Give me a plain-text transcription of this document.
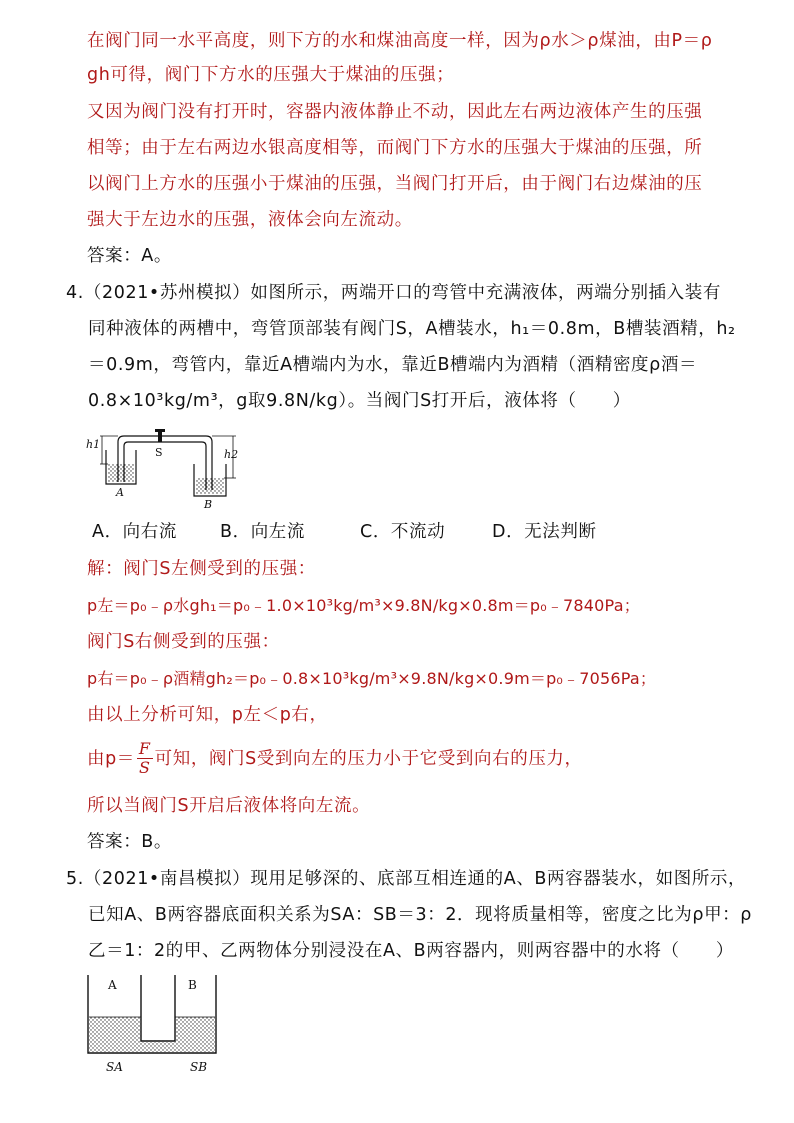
在阀门同一水平高度，则下方的水和煤油高度一样，因为ρ水＞ρ煤油，由P＝ρ
gh可得，阀门下方水的压强大于煤油的压强；
又因为阀门没有打开时，容器内液体静止不动，因此左右两边液体产生的压强
相等；由于左右两边水银高度相等，而阀门下方水的压强大于煤油的压强，所
以阀门上方水的压强小于煤油的压强，当阀门打开后，由于阀门右边煤油的压
强大于左边水的压强，液体会向左流动。
答案：A。
4.（2021•苏州模拟）如图所示，两端开口的弯管中充满液体，两端分别插入装有
同种液体的两槽中，弯管顶部装有阀门S，A槽装水，h₁＝0.8m，B槽装酒精，h₂
＝0.9m，弯管内，靠近A槽端内为水，靠近B槽端内为酒精（酒精密度ρ酒＝
0.8×10³kg/m³，g取9.8N/kg）。当阀门S打开后，液体将（　　）
h1
h2
S
A
B
A．向右流 B．向左流	C．不流动	D．无法判断
解：阀门S左侧受到的压强：
p左＝p₀﹣ρ水gh₁＝p₀﹣1.0×10³kg/m³×9.8N/kg×0.8m＝p₀﹣7840Pa；
阀门S右侧受到的压强：
p右＝p₀﹣ρ酒精gh₂＝p₀﹣0.8×10³kg/m³×9.8N/kg×0.9m＝p₀﹣7056Pa；
由以上分析可知，p左＜p右，
由$p= \frac{F}{S}$ 可知，阀门S受到向左的压力小于它受到向右的压力，
所以当阀门S开启后液体将向左流。
答案：B。
5.（2021•南昌模拟）现用足够深的、底部互相连通的A、B两容器装水，如图所示，
已知A、B两容器底面积关系为SA：SB＝3：2．现将质量相等，密度之比为ρ甲：ρ
乙＝1：2的甲、乙两物体分别浸没在A、B两容器内，则两容器中的水将（　　）
A	B
SA	SB
